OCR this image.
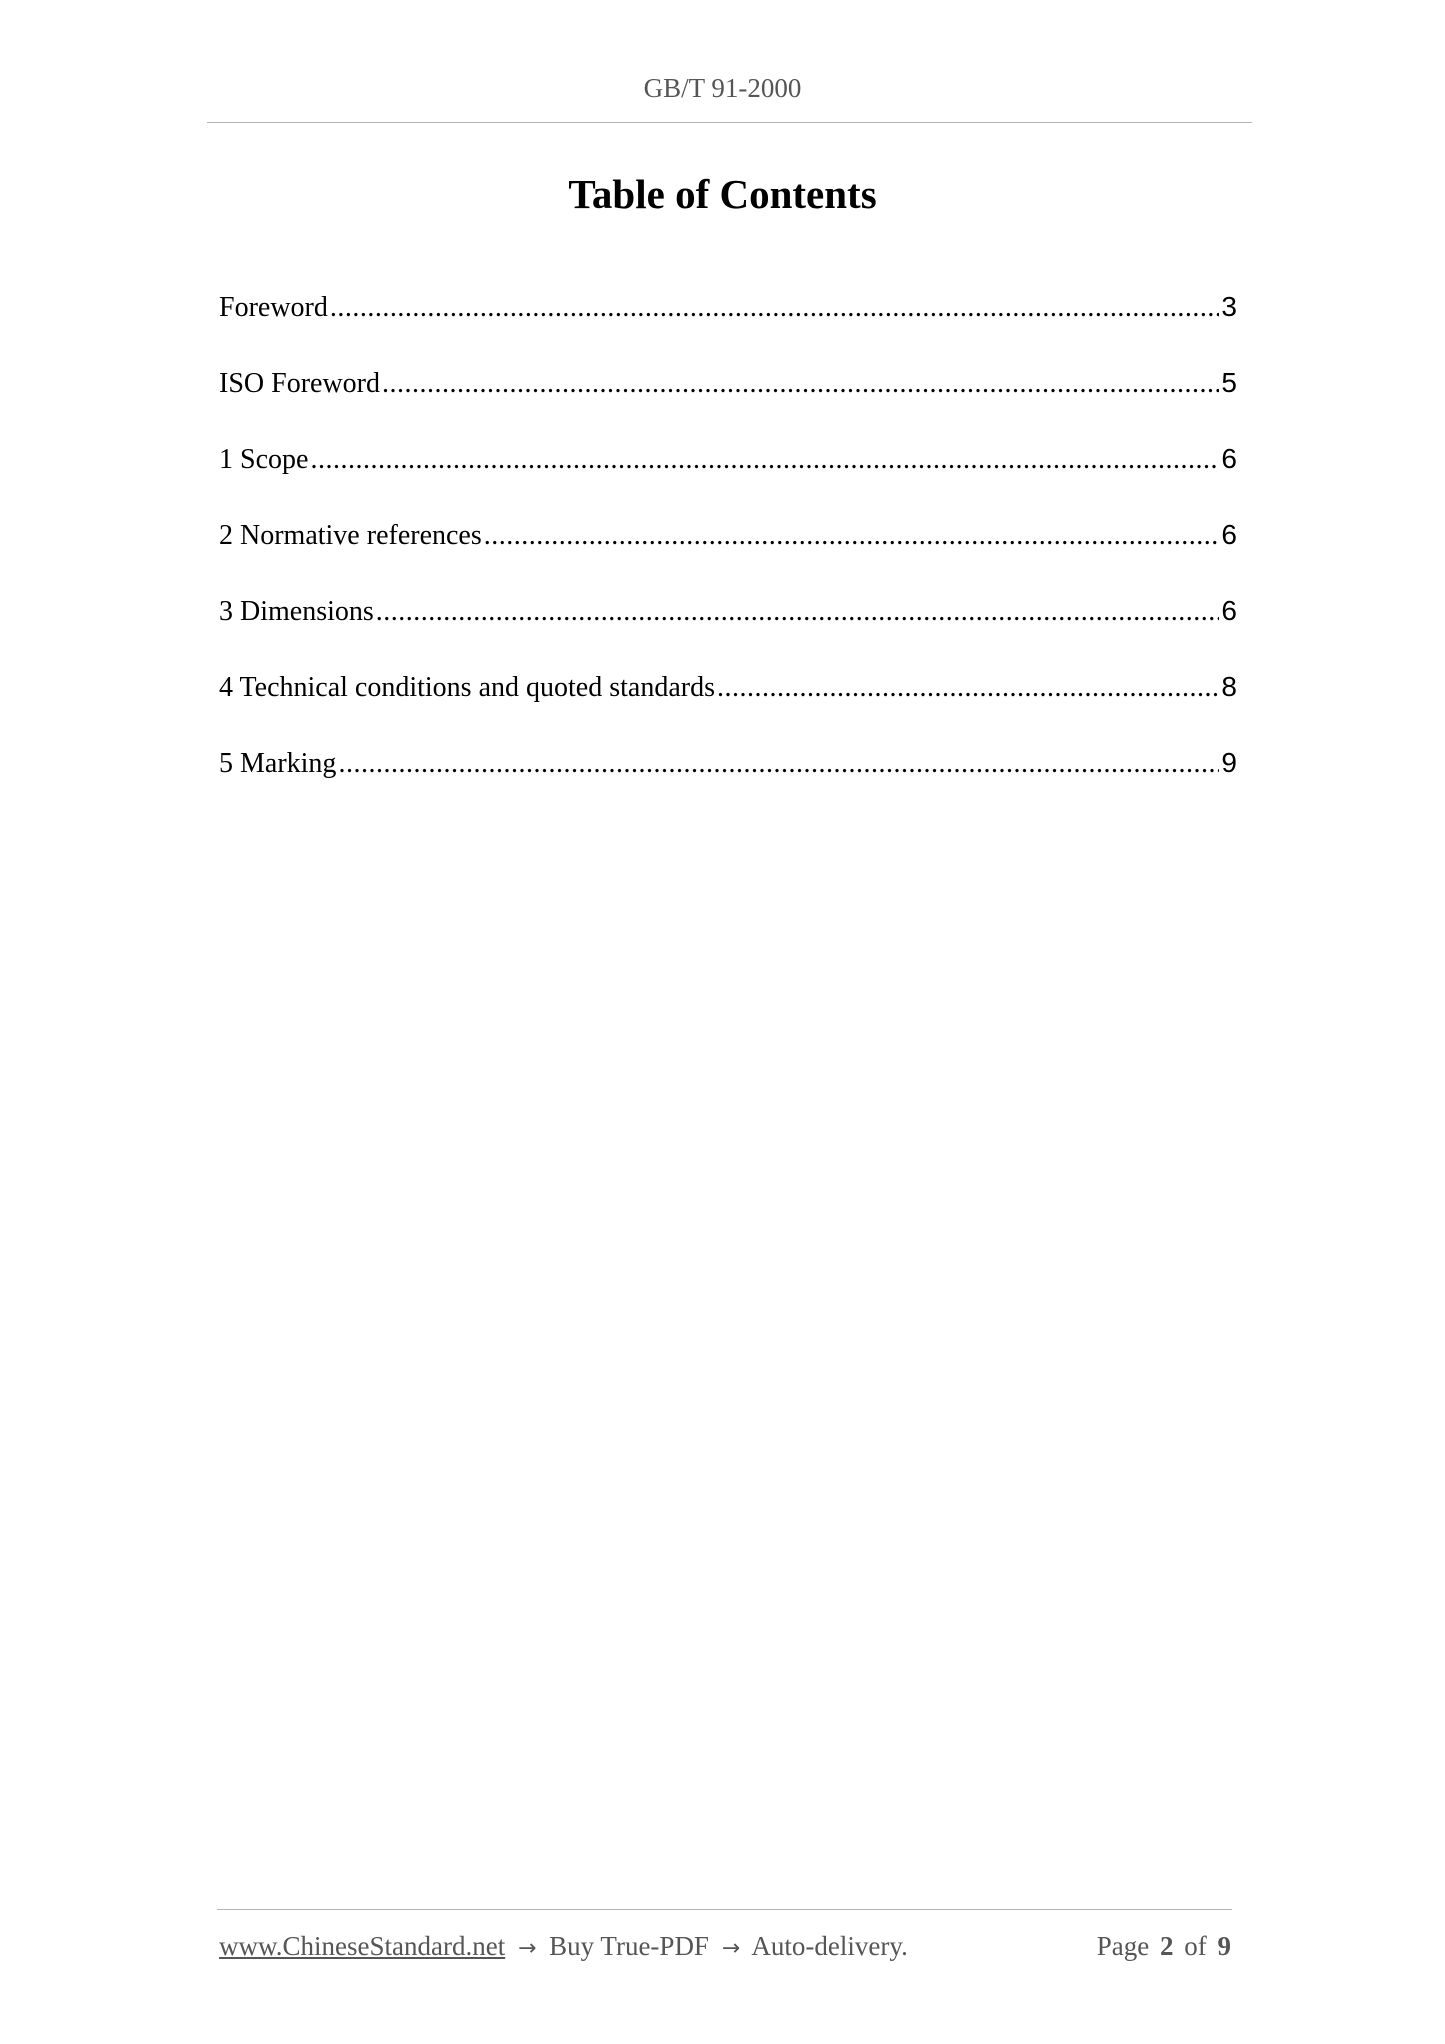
GB/T 91-2000
Table of Contents
Foreword .....	3
ISO Foreword .....	5
1 Scope .....	6
2 Normative references .....	6
3 Dimensions .....	6
4 Technical conditions and quoted standards .....	8
5 Marking .....	9
www.ChineseStandard.net → Buy True-PDF → Auto-delivery.	Page 2 of 9
